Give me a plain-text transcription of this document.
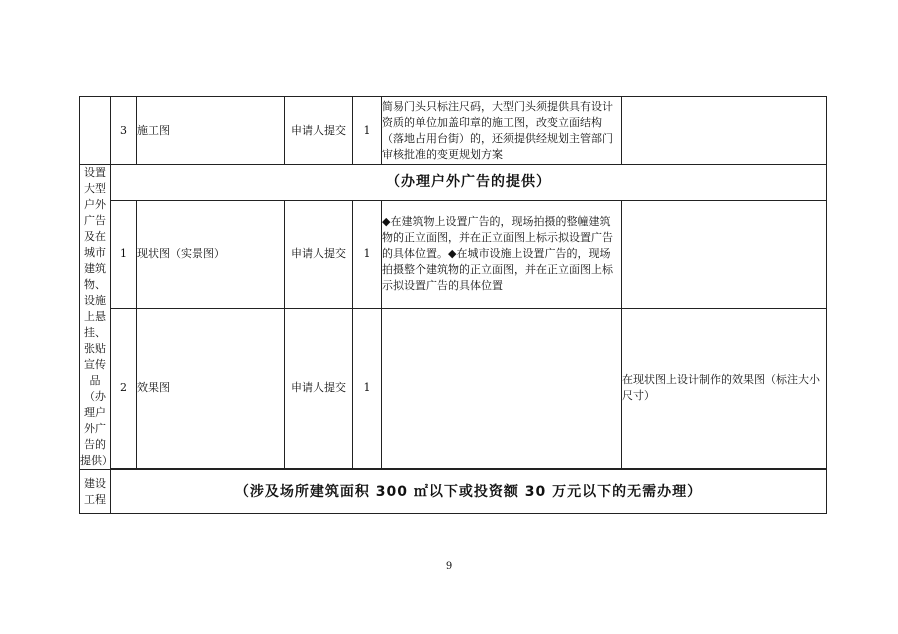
	3	施工图	申请人提交	1	简易门头只标注尺码，大型门头须提供具有设计资质的单位加盖印章的施工图，改变立面结构（落地占用台街）的，还须提供经规划主管部门审核批准的变更规划方案	
设置大型户外广告及在城市建筑物、设施上悬挂、张贴宣传品（办理户外广告的提供）	（办理户外广告的提供）					
	1	现状图（实景图）	申请人提交	1	◆在建筑物上设置广告的，现场拍摄的整幢建筑物的正立面图，并在正立面图上标示拟设置广告的具体位置。◆在城市设施上设置广告的，现场拍摄整个建筑物的正立面图，并在正立面图上标示拟设置广告的具体位置	
	2	效果图	申请人提交	1		在现状图上设计制作的效果图（标注大小尺寸）

建设工程	（涉及场所建筑面积 300 ㎡以下或投资额 30 万元以下的无需办理）					
9
